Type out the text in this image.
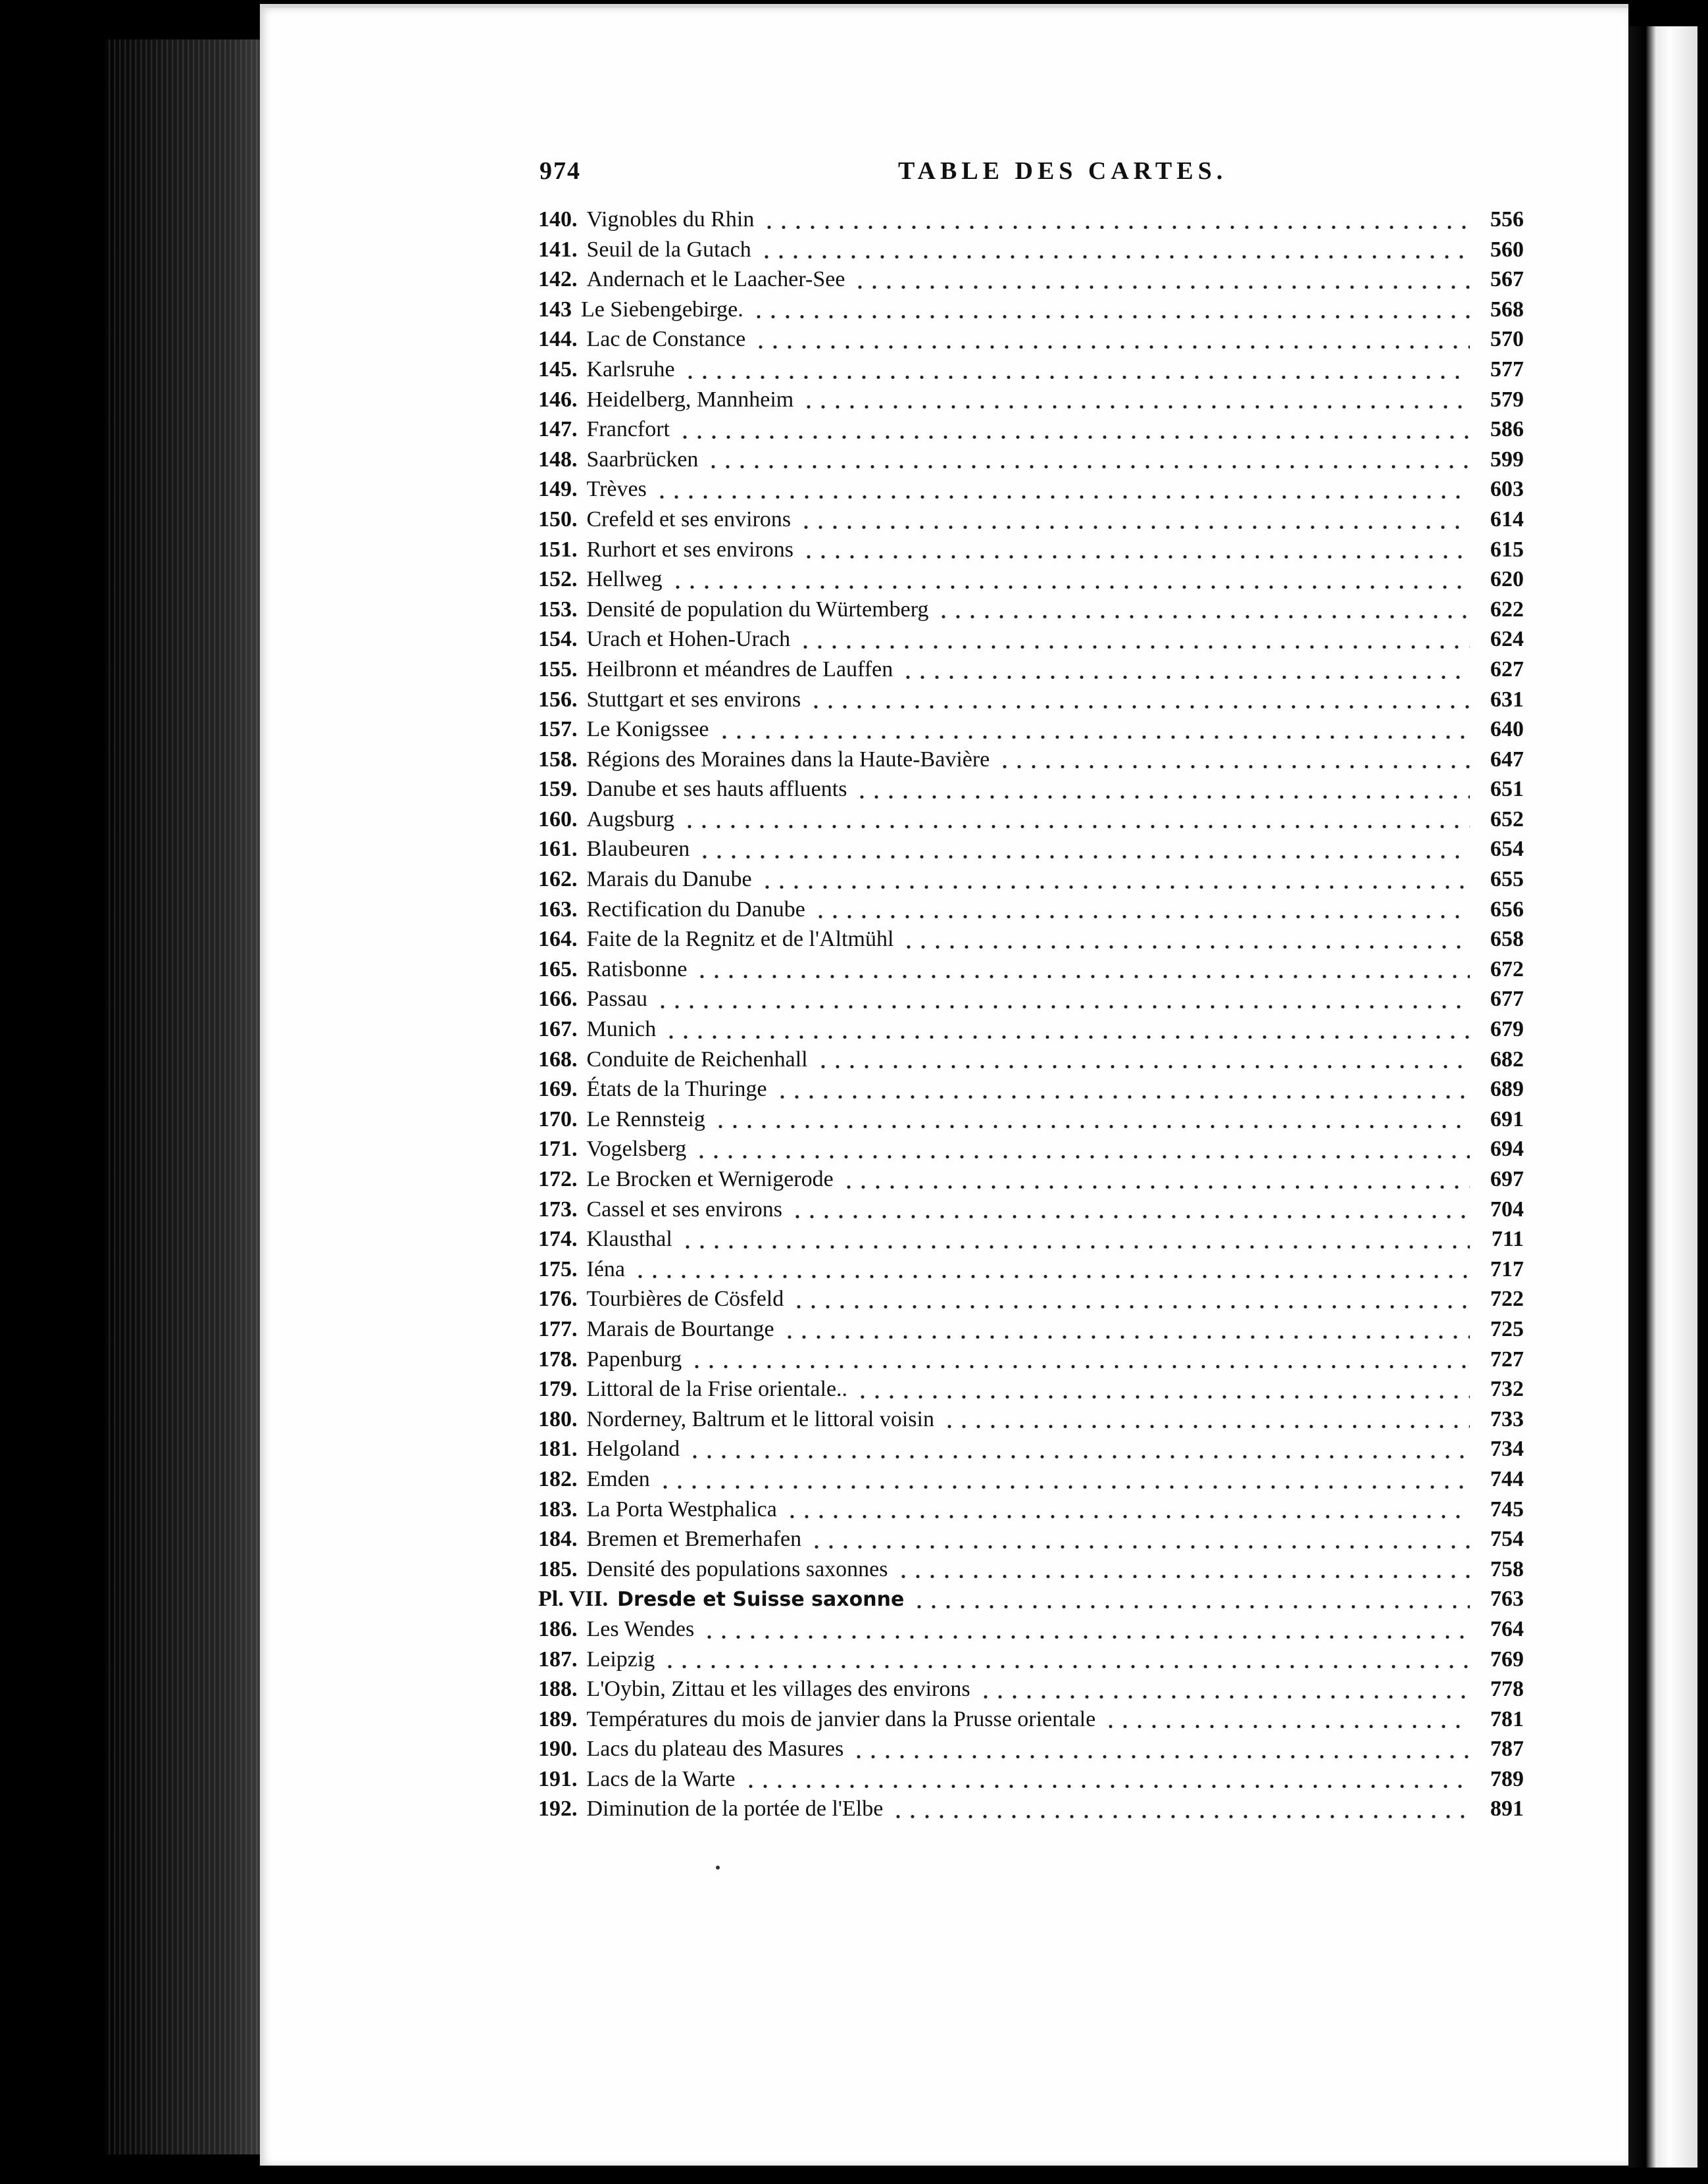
974	TABLE DES CARTES.
140. Vignobles du Rhin	556
141. Seuil de la Gutach	560
142. Andernach et le Laacher-See	567
143 Le Siebengebirge.	568
144. Lac de Constance	570
145. Karlsruhe	577
146. Heidelberg, Mannheim	579
147. Francfort	586
148. Saarbrücken	599
149. Trèves	603
150. Crefeld et ses environs	614
151. Rurhort et ses environs	615
152. Hellweg	620
153. Densité de population du Würtemberg	622
154. Urach et Hohen-Urach	624
155. Heilbronn et méandres de Lauffen	627
156. Stuttgart et ses environs	631
157. Le Konigssee	640
158. Régions des Moraines dans la Haute-Bavière	647
159. Danube et ses hauts affluents	651
160. Augsburg	652
161. Blaubeuren	654
162. Marais du Danube	655
163. Rectification du Danube	656
164. Faite de la Regnitz et de l'Altmühl	658
165. Ratisbonne	672
166. Passau	677
167. Munich	679
168. Conduite de Reichenhall	682
169. États de la Thuringe	689
170. Le Rennsteig	691
171. Vogelsberg	694
172. Le Brocken et Wernigerode	697
173. Cassel et ses environs	704
174. Klausthal	711
175. Iéna	717
176. Tourbières de Cösfeld	722
177. Marais de Bourtange	725
178. Papenburg	727
179. Littoral de la Frise orientale..	732
180. Norderney, Baltrum et le littoral voisin	733
181. Helgoland	734
182. Emden	744
183. La Porta Westphalica	745
184. Bremen et Bremerhafen	754
185. Densité des populations saxonnes	758
Pl. VII. Dresde et Suisse saxonne	763
186. Les Wendes	764
187. Leipzig	769
188. L'Oybin, Zittau et les villages des environs	778
189. Températures du mois de janvier dans la Prusse orientale	781
190. Lacs du plateau des Masures	787
191. Lacs de la Warte	789
192. Diminution de la portée de l'Elbe	891
